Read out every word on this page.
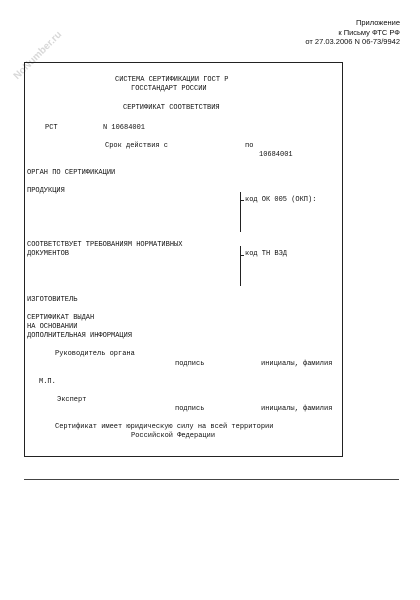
NoNumber.ru
Приложение
к Письму ФТС РФ
от 27.03.2006 N 06-73/9942
СИСТЕМА СЕРТИФИКАЦИИ ГОСТ Р
ГОССТАНДАРТ РОССИИ
СЕРТИФИКАТ СООТВЕТСТВИЯ
РСТ	N 10684001
Срок действия с	по
10684001
ОРГАН ПО СЕРТИФИКАЦИИ
ПРОДУКЦИЯ
код ОК 005 (ОКП):
СООТВЕТСТВУЕТ ТРЕБОВАНИЯМ НОРМАТИВНЫХ
ДОКУМЕНТОВ	код ТН ВЭД
ИЗГОТОВИТЕЛЬ
СЕРТИФИКАТ ВЫДАН
НА ОСНОВАНИИ
ДОПОЛНИТЕЛЬНАЯ ИНФОРМАЦИЯ
Руководитель органа
подпись	инициалы, фамилия
М.П.
Эксперт
подпись	инициалы, фамилия
Сертификат имеет юридическую силу на всей территории
Российской Федерации
